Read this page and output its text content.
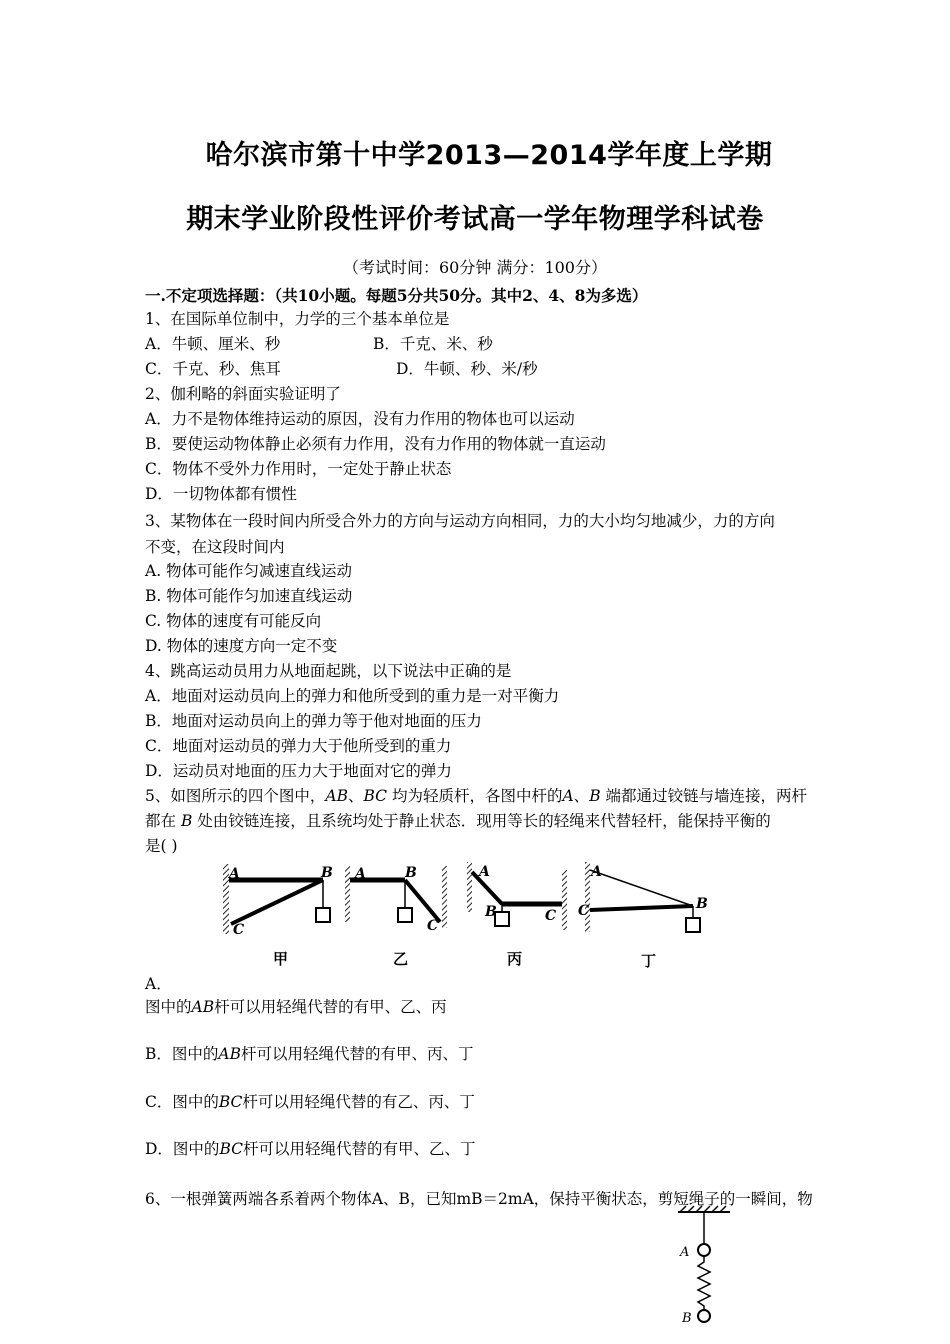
哈尔滨市第十中学2013—2014学年度上学期
期末学业阶段性评价考试高一学年物理学科试卷
（考试时间：60分钟 满分：100分）
一.不定项选择题：（共10小题。每题5分共50分。其中2、4、8为多选）
1、在国际单位制中，力学的三个基本单位是
A．牛顿、厘米、秒	B．千克、米、秒
C．千克、秒、焦耳	D．牛顿、秒、米/秒
2、伽利略的斜面实验证明了
A．力不是物体维持运动的原因，没有力作用的物体也可以运动
B．要使运动物体静止必须有力作用，没有力作用的物体就一直运动
C．物体不受外力作用时，一定处于静止状态
D．一切物体都有惯性
3、某物体在一段时间内所受合外力的方向与运动方向相同，力的大小均匀地减少，力的方向
不变，在这段时间内
A. 物体可能作匀减速直线运动
B. 物体可能作匀加速直线运动
C. 物体的速度有可能反向
D. 物体的速度方向一定不变
4、跳高运动员用力从地面起跳，以下说法中正确的是
A．地面对运动员向上的弹力和他所受到的重力是一对平衡力
B．地面对运动员向上的弹力等于他对地面的压力
C．地面对运动员的弹力大于他所受到的重力
D．运动员对地面的压力大于地面对它的弹力
5、如图所示的四个图中，AB、BC 均为轻质杆，各图中杆的A、B 端都通过铰链与墙连接，两杆
都在 B 处由铰链连接，且系统均处于静止状态．现用等长的轻绳来代替轻杆，能保持平衡的
是( )
A	B
C
甲
A	B
C
乙
A
B	C
丙
A
B
C
丁
A．
图中的AB杆可以用轻绳代替的有甲、乙、丙
B．图中的AB杆可以用轻绳代替的有甲、丙、丁
C．图中的BC杆可以用轻绳代替的有乙、丙、丁
D．图中的BC杆可以用轻绳代替的有甲、乙、丁
6、一根弹簧两端各系着两个物体A、B，已知mB＝2mA，保持平衡状态，剪短绳子的一瞬间，物
A
B
